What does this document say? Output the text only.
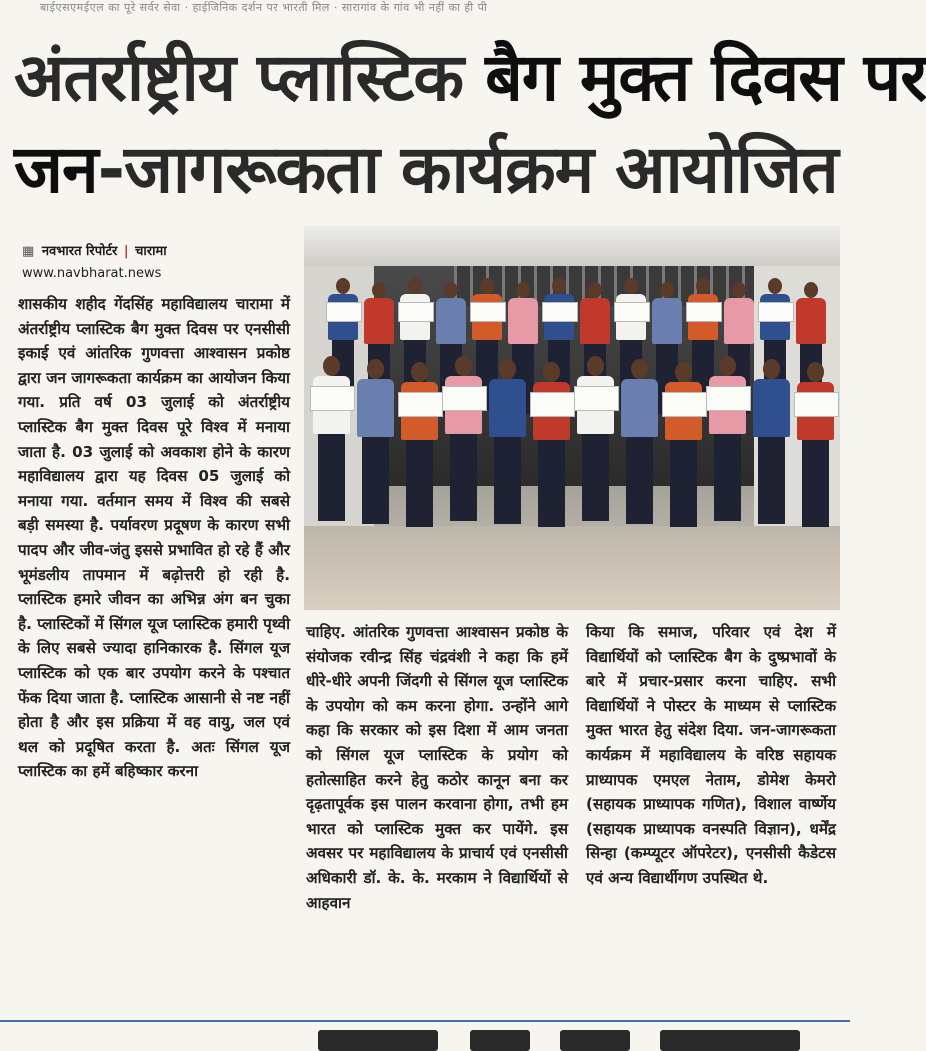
बाईएसएमईएल का पूरे सर्वर सेवा · हाईजिनिक दर्शन पर भारती मिल · सारागांव के गांव भी नहीं का ही पी
अंतर्राष्ट्रीय प्लास्टिक बैग मुक्त दिवस पर
जन-जागरूकता कार्यक्रम आयोजित
▦ नवभारत रिपोर्टर | चारामा
www.navbharat.news
शासकीय शहीद गेंदसिंह महाविद्यालय चारामा में अंतर्राष्ट्रीय प्लास्टिक बैग मुक्त दिवस पर एनसीसी इकाई एवं आंतरिक गुणवत्ता आश्वासन प्रकोष्ठ द्वारा जन जागरूकता कार्यक्रम का आयोजन किया गया. प्रति वर्ष 03 जुलाई को अंतर्राष्ट्रीय प्लास्टिक बैग मुक्त दिवस पूरे विश्व में मनाया जाता है. 03 जुलाई को अवकाश होने के कारण महाविद्यालय द्वारा यह दिवस 05 जुलाई को मनाया गया. वर्तमान समय में विश्व की सबसे बड़ी समस्या है. पर्यावरण प्रदूषण के कारण सभी पादप और जीव-जंतु इससे प्रभावित हो रहे हैं और भूमंडलीय तापमान में बढ़ोत्तरी हो रही है. प्लास्टिक हमारे जीवन का अभिन्न अंग बन चुका है. प्लास्टिकों में सिंगल यूज प्लास्टिक हमारी पृथ्वी के लिए सबसे ज्यादा हानिकारक है. सिंगल यूज प्लास्टिक को एक बार उपयोग करने के पश्चात फेंक दिया जाता है. प्लास्टिक आसानी से नष्ट नहीं होता है और इस प्रक्रिया में वह वायु, जल एवं थल को प्रदूषित करता है. अतः सिंगल यूज प्लास्टिक का हमें बहिष्कार करना
चाहिए. आंतरिक गुणवत्ता आश्वासन प्रकोष्ठ के संयोजक रवीन्द्र सिंह चंद्रवंशी ने कहा कि हमें धीरे-धीरे अपनी जिंदगी से सिंगल यूज प्लास्टिक के उपयोग को कम करना होगा. उन्होंने आगे कहा कि सरकार को इस दिशा में आम जनता को सिंगल यूज प्लास्टिक के प्रयोग को हतोत्साहित करने हेतु कठोर कानून बना कर दृढ़तापूर्वक इस पालन करवाना होगा, तभी हम भारत को प्लास्टिक मुक्त कर पायेंगे. इस अवसर पर महाविद्यालय के प्राचार्य एवं एनसीसी अधिकारी डॉ. के. के. मरकाम ने विद्यार्थियों से आहवान
किया कि समाज, परिवार एवं देश में विद्यार्थियों को प्लास्टिक बैग के दुष्प्रभावों के बारे में प्रचार-प्रसार करना चाहिए. सभी विद्यार्थियों ने पोस्टर के माध्यम से प्लास्टिक मुक्त भारत हेतु संदेश दिया. जन-जागरूकता कार्यक्रम में महाविद्यालय के वरिष्ठ सहायक प्राध्यापक एमएल नेताम, डोमेश केमरो (सहायक प्राध्यापक गणित), विशाल वार्ष्णेय (सहायक प्राध्यापक वनस्पति विज्ञान), धर्मेंद्र सिन्हा (कम्प्यूटर ऑपरेटर), एनसीसी कैडेटस एवं अन्य विद्यार्थीगण उपस्थित थे.
